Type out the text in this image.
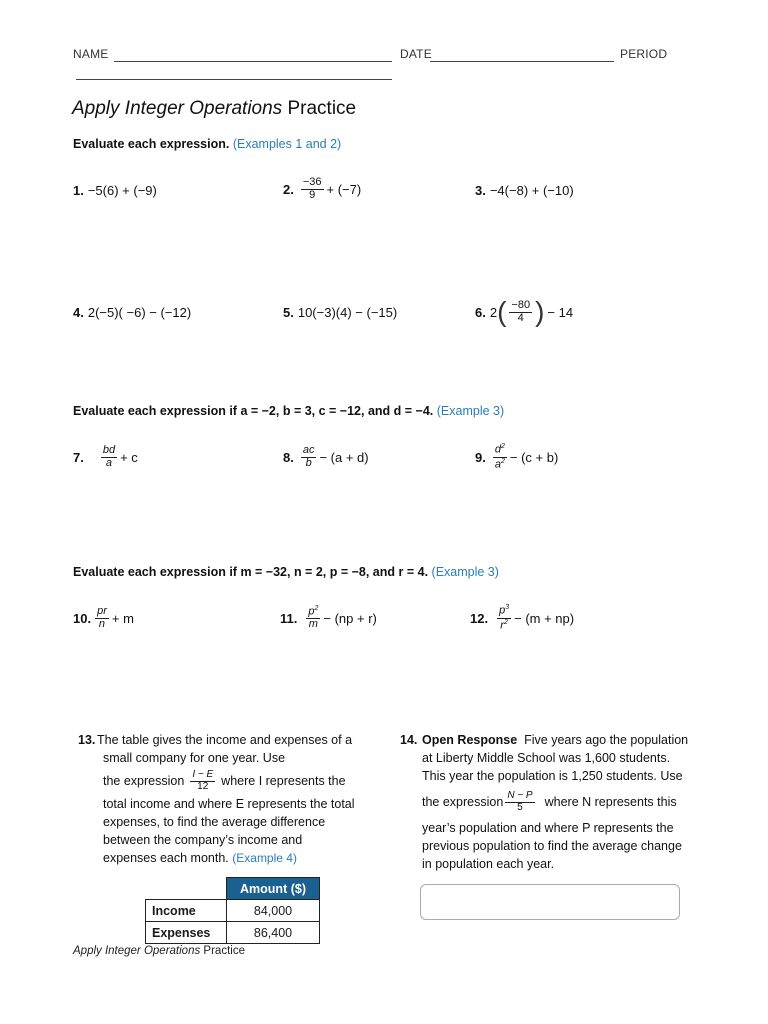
NAME	DATE	PERIOD
Apply Integer Operations Practice
Evaluate each expression. (Examples 1 and 2)
1. −5(6) + (−9)	2. $\frac{-36}{9} + (-7)$	3. −4(−8) + (−10)
4. 2(−5)( −6) − (−12)	5. 10(−3)(4) − (−15)	6. 2 ( $\frac{-80}{4}$ ) − 14
Evaluate each expression if a = −2, b = 3, c = −12, and d = −4. (Example 3)
7. $\frac{bd}{a} + c$	8. $\frac{ac}{b} - (a + d)$	9. $\frac{d^2}{a^2} - (c + b)$
Evaluate each expression if m = −32, n = 2, p = −8, and r = 4. (Example 3)
10. $\frac{pr}{n} + m$	11. $\frac{p^2}{m} - (np + r)$	12. $\frac{p^3}{r^2} - (m + np)$
13. The table gives the income and expenses of a
small company for one year. Use
the expression $\frac{I - E}{12}$ where I represents the
total income and where E represents the total
expenses, to find the average difference
between the company’s income and
expenses each month. (Example 4)
	Amount ($)
Income	84,000
Expenses	86,400
14. Open Response Five years ago the population
at Liberty Middle School was 1,600 students.
This year the population is 1,250 students. Use
the expression $\frac{N - P}{5}$ where N represents this
year’s population and where P represents the
previous population to find the average change
in population each year.
Apply Integer Operations Practice
